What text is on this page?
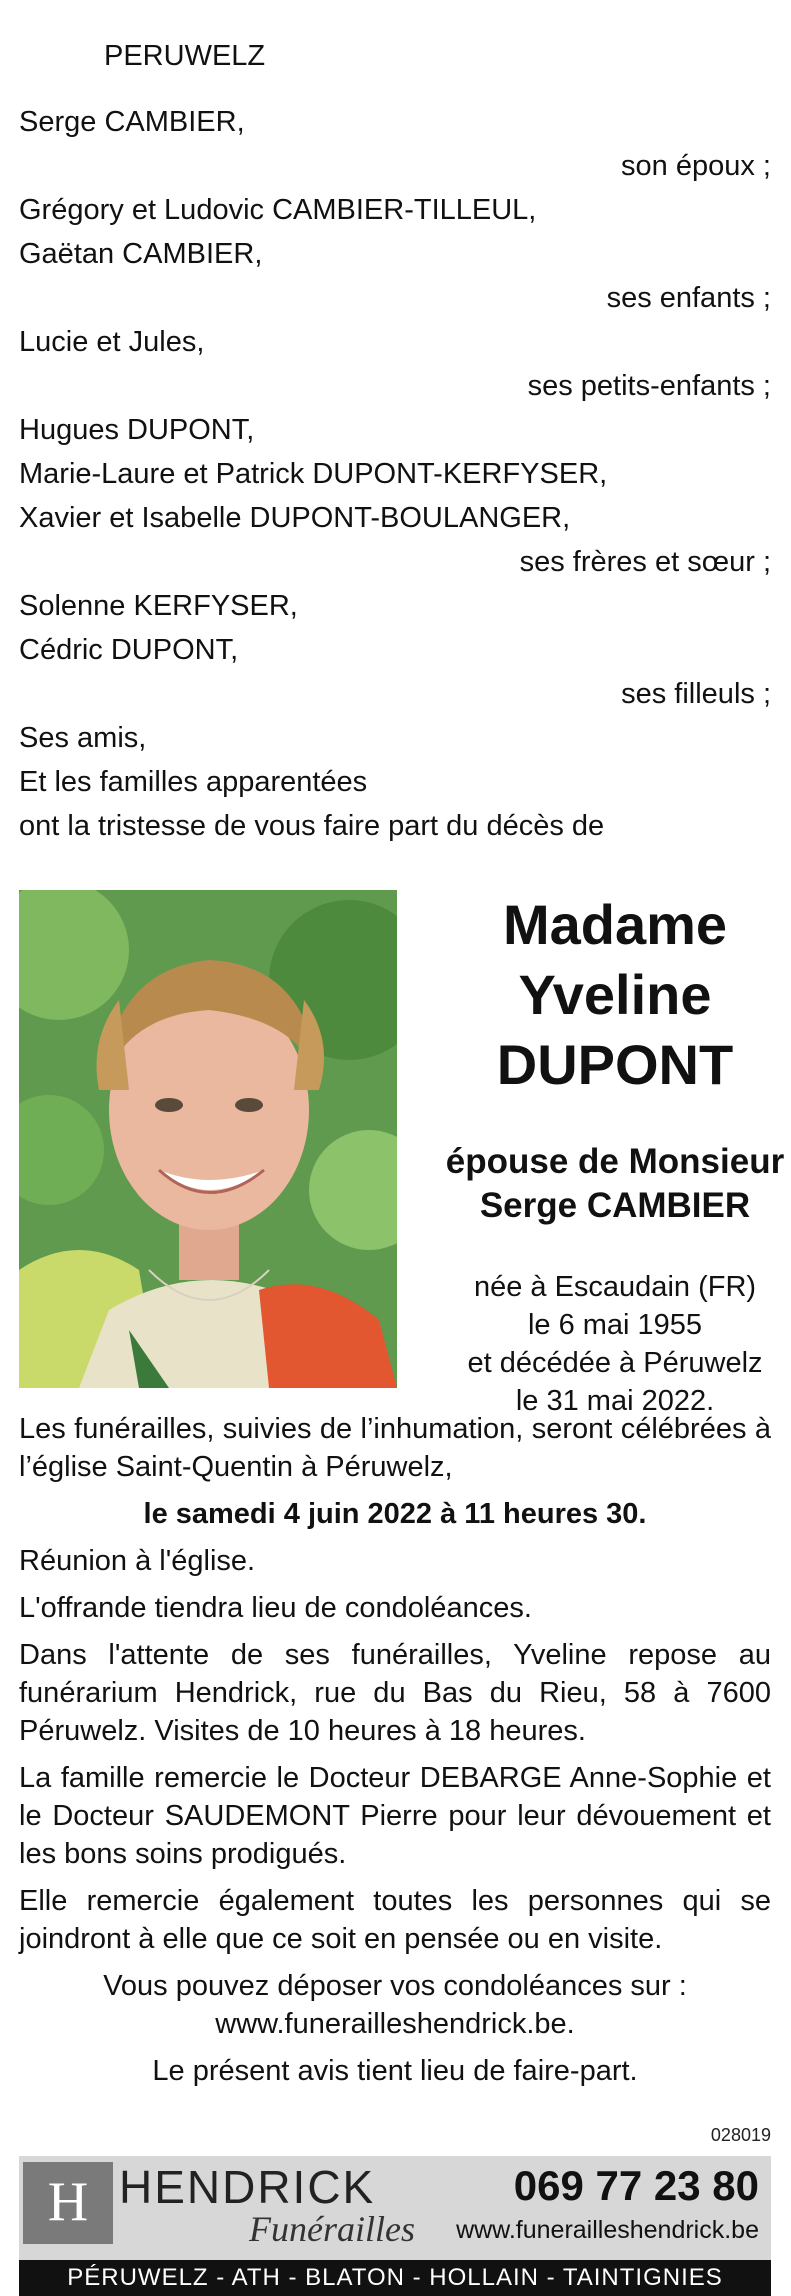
PERUWELZ
Serge CAMBIER,
son époux ;
Grégory et Ludovic CAMBIER-TILLEUL,
Gaëtan CAMBIER,
ses enfants ;
Lucie et Jules,
ses petits-enfants ;
Hugues DUPONT,
Marie-Laure et Patrick DUPONT-KERFYSER,
Xavier et Isabelle DUPONT-BOULANGER,
ses frères et sœur ;
Solenne KERFYSER,
Cédric DUPONT,
ses filleuls ;
Ses amis,
Et les familles apparentées
ont la tristesse de vous faire part du décès de
Madame
Yveline
DUPONT
épouse de Monsieur
Serge CAMBIER
née à Escaudain (FR)
le 6 mai 1955
et décédée à Péruwelz
le 31 mai 2022.

Les funérailles, suivies de l’inhumation, seront célébrées à l’église Saint-Quentin à Péruwelz,

le samedi 4 juin 2022 à 11 heures 30.

Réunion à l'église.

L'offrande tiendra lieu de condoléances.

Dans l'attente de ses funérailles, Yveline repose au funérarium Hendrick, rue du Bas du Rieu, 58 à 7600 Péruwelz. Visites de 10 heures à 18 heures.

La famille remercie le Docteur DEBARGE Anne-Sophie et le Docteur SAUDEMONT Pierre pour leur dévouement et les bons soins prodigués.

Elle remercie également toutes les personnes qui se joindront à elle que ce soit en pensée ou en visite.

Vous pouvez déposer vos condoléances sur :
www.funerailleshendrick.be.

Le présent avis tient lieu de faire-part.

028019
H HENDRICK
Funérailles
069 77 23 80
www.funerailleshendrick.be
PÉRUWELZ - ATH - BLATON - HOLLAIN - TAINTIGNIES
